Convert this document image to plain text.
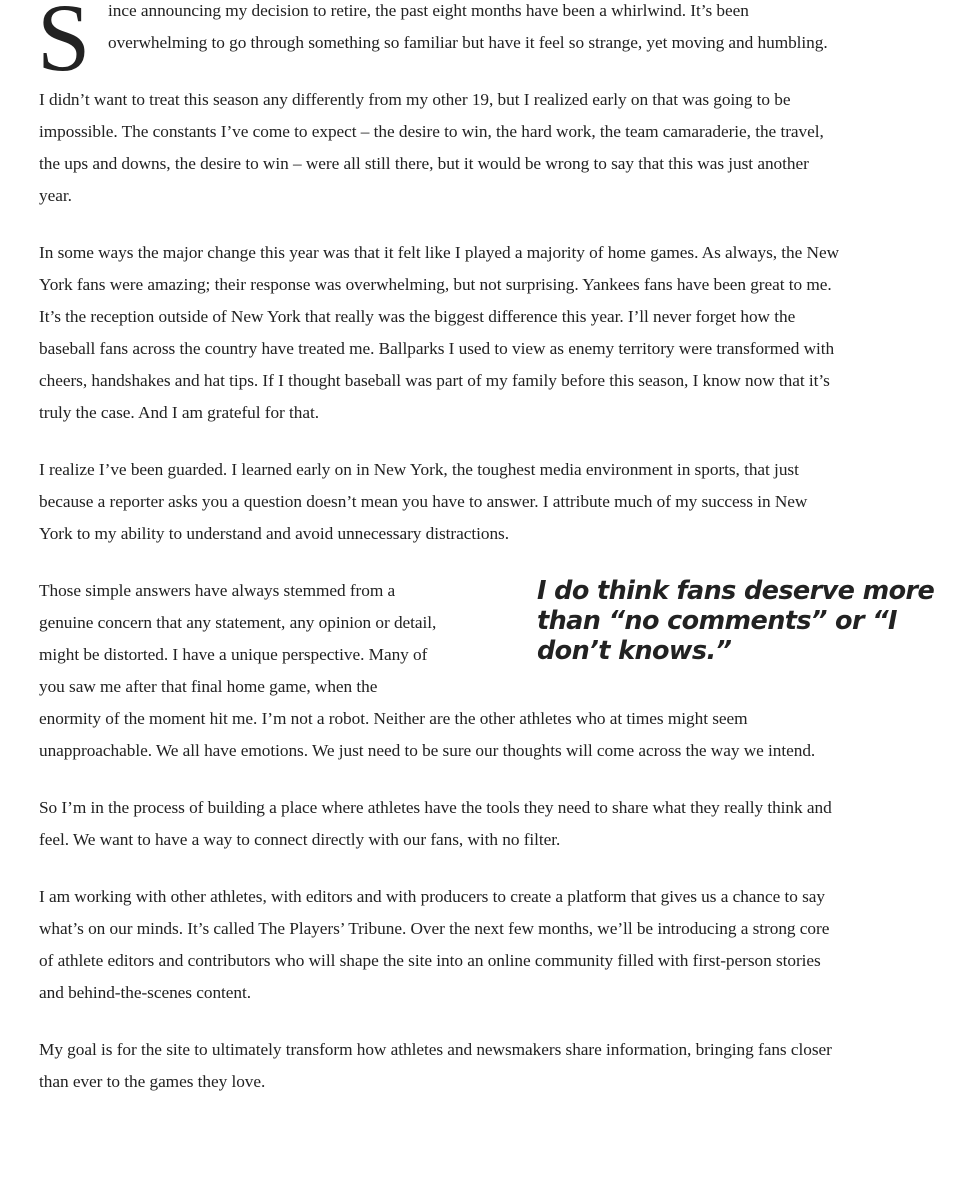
S ince announcing my decision to retire, the past eight months have been a whirlwind. It’s been overwhelming to go through something so familiar but have it feel so strange, yet moving and humbling.

I didn’t want to treat this season any differently from my other 19, but I realized early on that was going to be impossible. The constants I’ve come to expect – the desire to win, the hard work, the team camaraderie, the travel, the ups and downs, the desire to win – were all still there, but it would be wrong to say that this was just another year.

In some ways the major change this year was that it felt like I played a majority of home games. As always, the New York fans were amazing; their response was overwhelming, but not surprising. Yankees fans have been great to me. It’s the reception outside of New York that really was the biggest difference this year. I’ll never forget how the baseball fans across the country have treated me. Ballparks I used to view as enemy territory were transformed with cheers, handshakes and hat tips. If I thought baseball was part of my family before this season, I know now that it’s truly the case. And I am grateful for that.

I realize I’ve been guarded. I learned early on in New York, the toughest media environment in sports, that just because a reporter asks you a question doesn’t mean you have to answer. I attribute much of my success in New York to my ability to understand and avoid unnecessary distractions.

I do think fans deserve more than “no comments” or “I don’t knows.”

Those simple answers have always stemmed from a genuine concern that any statement, any opinion or detail, might be distorted. I have a unique perspective. Many of you saw me after that final home game, when the enormity of the moment hit me. I’m not a robot. Neither are the other athletes who at times might seem unapproachable. We all have emotions. We just need to be sure our thoughts will come across the way we intend.

So I’m in the process of building a place where athletes have the tools they need to share what they really think and feel. We want to have a way to connect directly with our fans, with no filter.

I am working with other athletes, with editors and with producers to create a platform that gives us a chance to say what’s on our minds. It’s called The Players’ Tribune. Over the next few months, we’ll be introducing a strong core of athlete editors and contributors who will shape the site into an online community filled with first-person stories and behind-the-scenes content.

My goal is for the site to ultimately transform how athletes and newsmakers share information, bringing fans closer than ever to the games they love.
